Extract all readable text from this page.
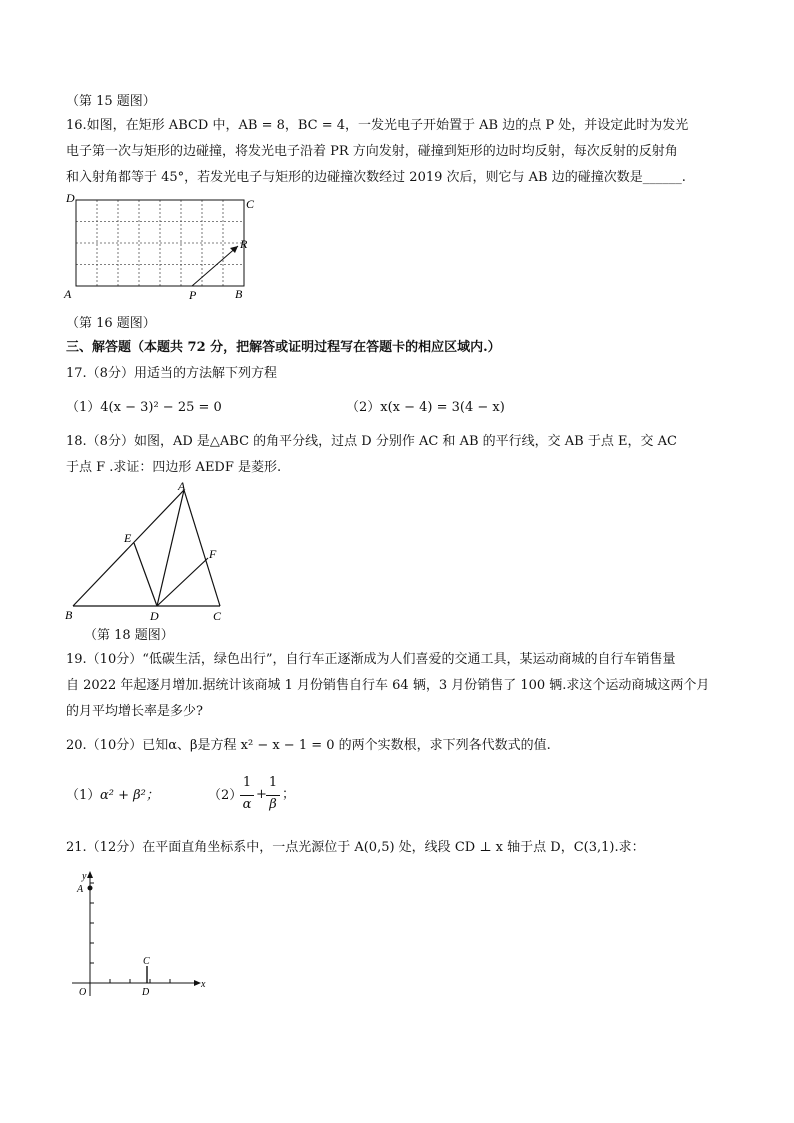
（第 15 题图）
16.如图，在矩形 ABCD 中，AB = 8，BC = 4，一发光电子开始置于 AB 边的点 P 处，并设定此时为发光
电子第一次与矩形的边碰撞，将发光电子沿着 PR 方向发射，碰撞到矩形的边时均反射，每次反射的反射角
和入射角都等于 45°，若发光电子与矩形的边碰撞次数经过 2019 次后，则它与 AB 边的碰撞次数是______.
D	C
R
A	P	B
（第 16 题图）
三、解答题（本题共 72 分，把解答或证明过程写在答题卡的相应区域内.）
17.（8分）用适当的方法解下列方程
（1）4(x − 3)² − 25 = 0	（2）x(x − 4) = 3(4 − x)
18.（8分）如图，AD 是△ABC 的角平分线，过点 D 分别作 AC 和 AB 的平行线，交 AB 于点 E，交 AC
于点 F .求证：四边形 AEDF 是菱形.
A
E
F
B	D	C
（第 18 题图）
19.（10分）“低碳生活，绿色出行”，自行车正逐渐成为人们喜爱的交通工具，某运动商城的自行车销售量
自 2022 年起逐月增加.据统计该商城 1 月份销售自行车 64 辆，3 月份销售了 100 辆.求这个运动商城这两个月
的月平均增长率是多少?
20.（10分）已知α、β是方程 x² − x − 1 = 0 的两个实数根，求下列各代数式的值.
（1） α² + β²；	（2）
1
α
+
1
β
；
21.（12分）在平面直角坐标系中，一点光源位于 A(0,5) 处，线段 CD ⊥ x 轴于点 D，C(3,1).求：
y
A
C
O	D
x
